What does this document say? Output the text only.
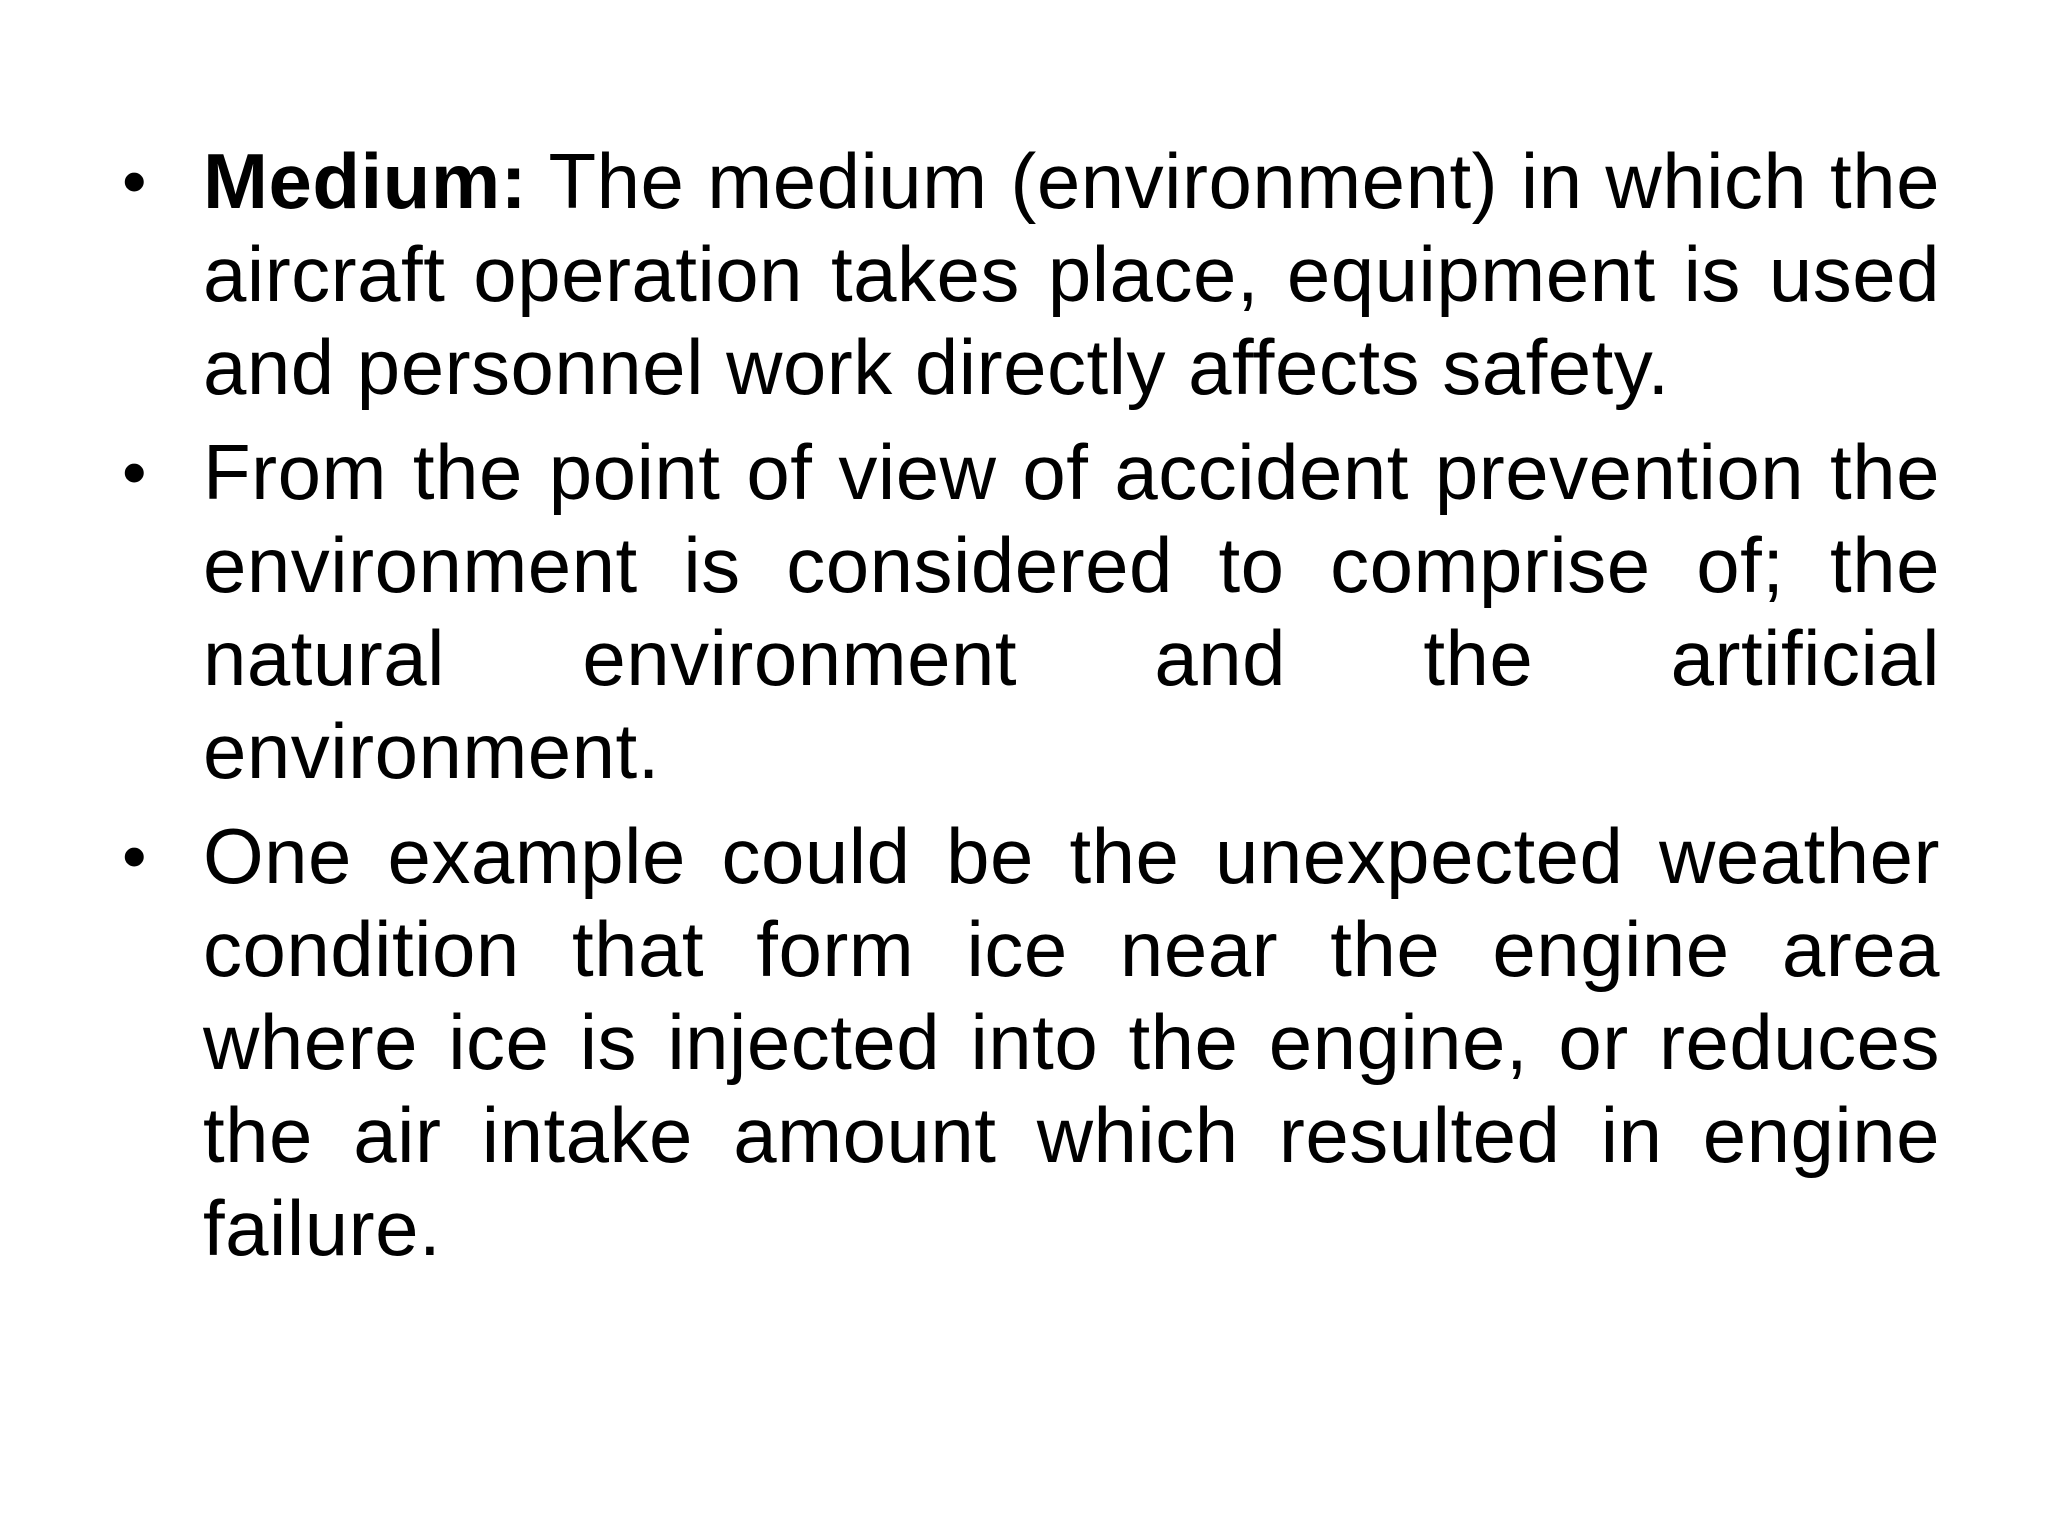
• Medium: The medium (environment) in which the aircraft operation takes place, equipment is used and personnel work directly affects safety.
• From the point of view of accident prevention the environment is considered to comprise of; the natural environment and the artificial environment.
• One example could be the unexpected weather condition that form ice near the engine area where ice is injected into the engine, or reduces the air intake amount which resulted in engine failure.
